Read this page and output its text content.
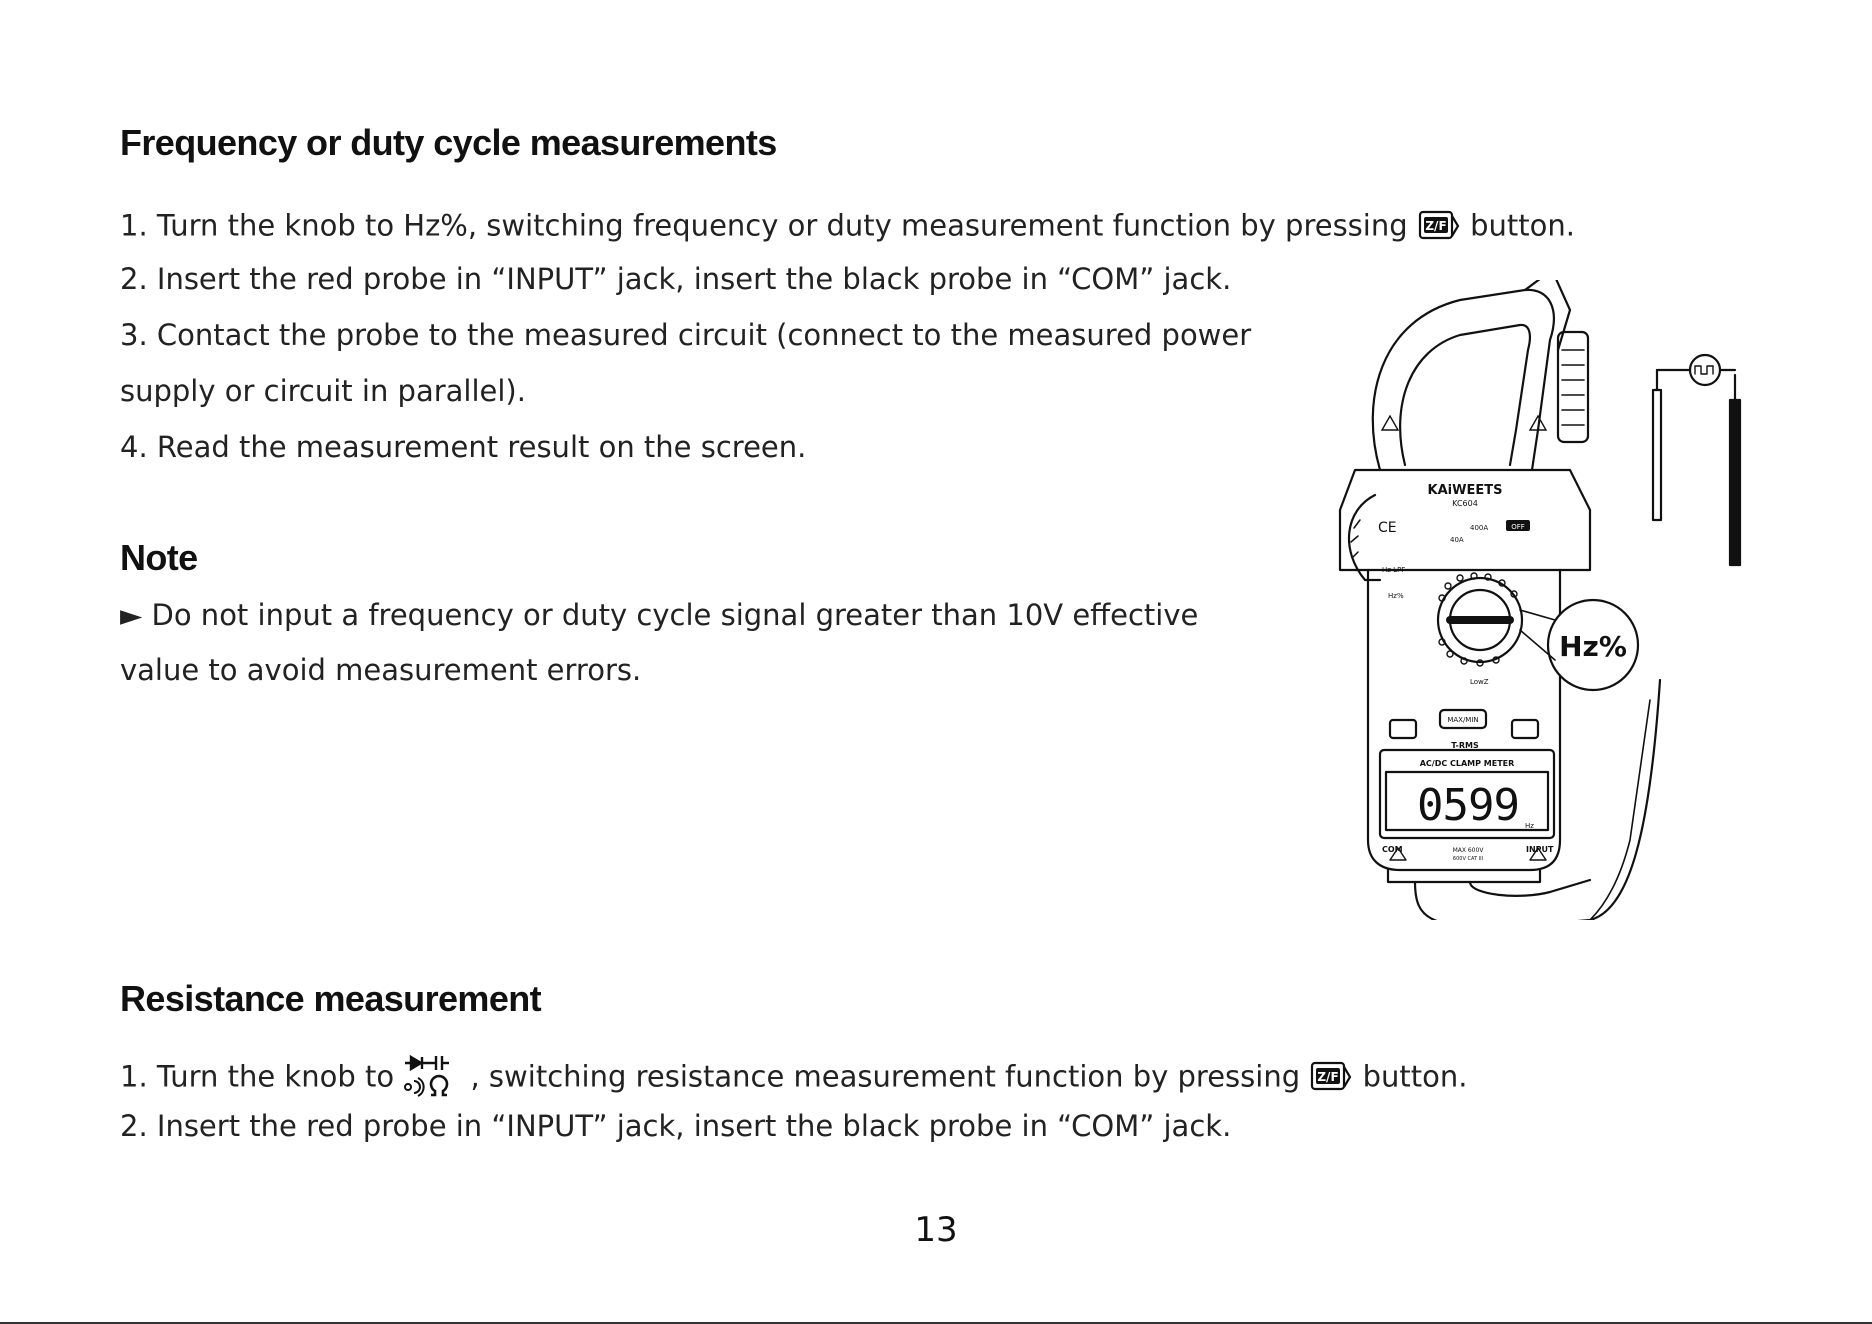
Frequency or duty cycle measurements

1. Turn the knob to Hz%, switching frequency or duty measurement function by pressing Z/F button.

2. Insert the red probe in “INPUT” jack, insert the black probe in “COM” jack.

3. Contact the probe to the measured circuit (connect to the measured power

supply or circuit in parallel).

4. Read the measurement result on the screen.

Note

► Do not input a frequency or duty cycle signal greater than 10V effective

value to avoid measurement errors.

KAiWEETS
KC604
CE	400A
40A
OFF
Hz LPF
Hz%
LowZ
MAX/MIN
T-RMS
AC/DC CLAMP METER
0599 Hz
COM	MAX 600V
600V CAT III
INPUT
Hz%
Resistance measurement

1. Turn the knob to	, switching resistance measurement function by pressing Z/F button.

2. Insert the red probe in “INPUT” jack, insert the black probe in “COM” jack.

13
